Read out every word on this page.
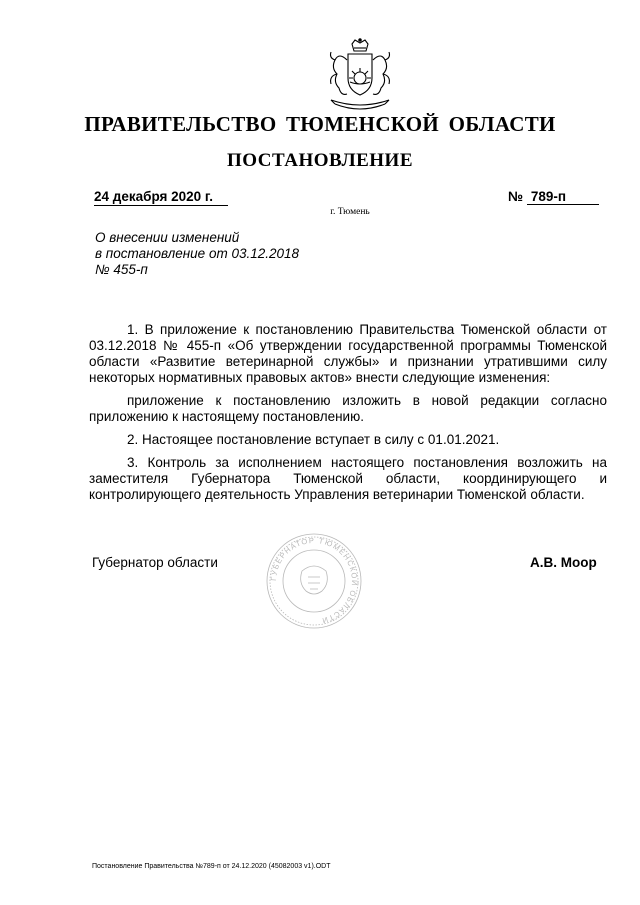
ПРАВИТЕЛЬСТВО ТЮМЕНСКОЙ ОБЛАСТИ
ПОСТАНОВЛЕНИЕ
24 декабря 2020 г.	№ 789-п
г. Тюмень
О внесении изменений
в постановление от 03.12.2018
№ 455-п

1. В приложение к постановлению Правительства Тюменской области от 03.12.2018 № 455-п «Об утверждении государственной программы Тюменской области «Развитие ветеринарной службы» и признании утратившими силу некоторых нормативных правовых актов» внести следующие изменения:

приложение к постановлению изложить в новой редакции согласно приложению к настоящему постановлению.

2. Настоящее постановление вступает в силу с 01.01.2021.

3. Контроль за исполнением настоящего постановления возложить на заместителя Губернатора Тюменской области, координирующего и контролирующего деятельность Управления ветеринарии Тюменской области.

Губернатор области
ГУБЕРНАТОР ТЮМЕНСКОЙ ОБЛАСТИ
А.В. Моор
Постановление Правительства №789-п от 24.12.2020 (45082003 v1).ODT
